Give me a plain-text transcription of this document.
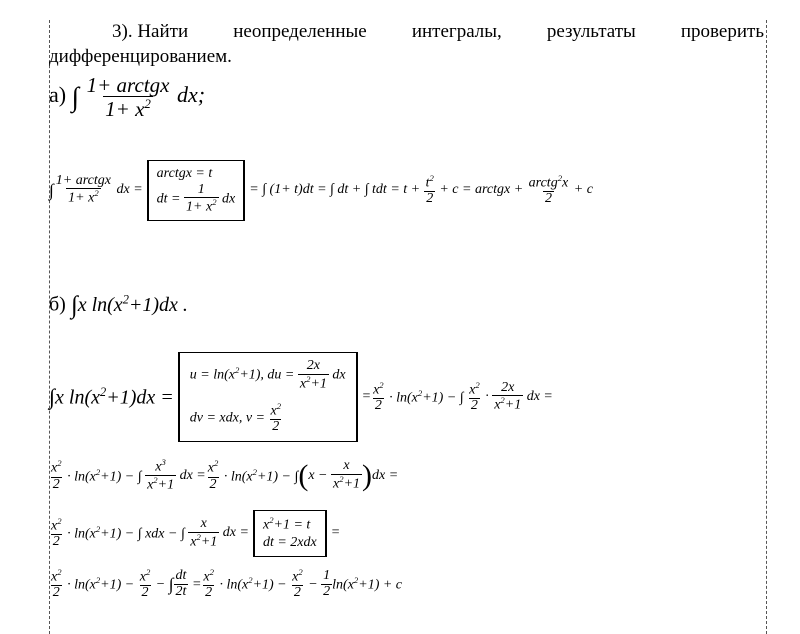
3). Найти неопределенные интегралы, результаты проверить
дифференцированием.
а) ∫ $\frac{\text{1+ arctgx}}{1+ x^2}$ dx;
∫ $\frac{\text{1+ arctgx}}{1+ x^2}$
dx =
arctgx = t
dt = $\frac{1}{1+ x^2}$ dx
= ∫ (1+ t)dt = ∫ dt + ∫ tdt = t +
$\frac{t^2}{2}$
+ c = arctgx +
$\frac{arctg^2x}{2}$
+ c
б) ∫x $\ln(x^2+1)dx$ .
∫ x $\ln(x^2+1)dx$ =
$u = \ln(x^2+1)$, du = $\frac{2x}{x^2+1}$ dx
dv = xdx, $v = \frac{x^2}{2}$
= $\frac{x^2}{2}$
· $\ln(x^2+1)$ − ∫
$\frac{x^2}{2} \cdot \frac{2x}{x^2+1}$
dx =
$\frac{x^2}{2}$
· $\ln(x^2+1)$ − ∫
$\frac{x^3}{x^2+1}$
dx = $\frac{x^2}{2}$
· $\ln(x^2+1)$ − ∫ ( x −
$\frac{x}{x^2+1}$ ) dx =
$\frac{x^2}{2}$
· $\ln(x^2+1)$ − ∫ xdx − ∫
$\frac{x}{x^2+1}$
dx =
$x^2+1 = t$
dt = 2xdx
=
$\frac{x^2}{2}$
· $\ln(x^2+1)$ −
$\frac{x^2}{2}$
−
∫ $\frac{dt}{2t}$
= $\frac{x^2}{2}$
· $\ln(x^2+1)$ −
$\frac{x^2}{2}$
−
$\frac{1}{2} \ln(x^2+1) + c$
